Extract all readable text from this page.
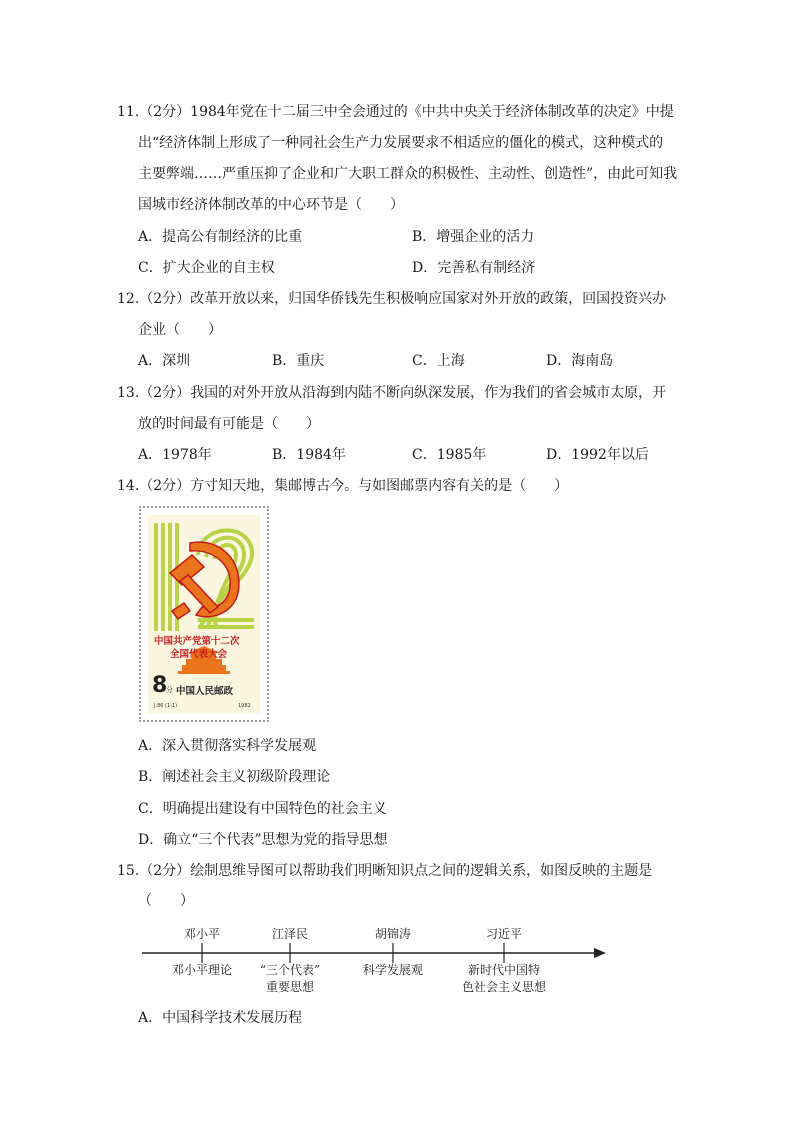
11.（2分）1984年党在十二届三中全会通过的《中共中央关于经济体制改革的决定》中提
出“经济体制上形成了一种同社会生产力发展要求不相适应的僵化的模式，这种模式的
主要弊端……严重压抑了企业和广大职工群众的积极性、主动性、创造性”，由此可知我
国城市经济体制改革的中心环节是（　　）
A．提高公有制经济的比重	B．增强企业的活力
C．扩大企业的自主权	D．完善私有制经济
12.（2分）改革开放以来，归国华侨钱先生积极响应国家对外开放的政策，回国投资兴办
企业（　　）
A．深圳	B．重庆	C．上海	D．海南岛
13.（2分）我国的对外开放从沿海到内陆不断向纵深发展，作为我们的省会城市太原，开
放的时间最有可能是（　　）
A．1978年	B．1984年	C．1985年	D．1992年以后
14.（2分）方寸知天地，集邮博古今。与如图邮票内容有关的是（　　）
中国共产党第十二次
全国代表大会
8
分 中国人民邮政
J.86 (1-1)	1982
A．深入贯彻落实科学发展观
B．阐述社会主义初级阶段理论
C．明确提出建设有中国特色的社会主义
D．确立“三个代表”思想为党的指导思想
15.（2分）绘制思维导图可以帮助我们明晰知识点之间的逻辑关系，如图反映的主题是
（　　）
邓小平	江泽民	胡锦涛	习近平
邓小平理论	“三个代表”
重要思想
科学发展观	新时代中国特
色社会主义思想
A．中国科学技术发展历程
